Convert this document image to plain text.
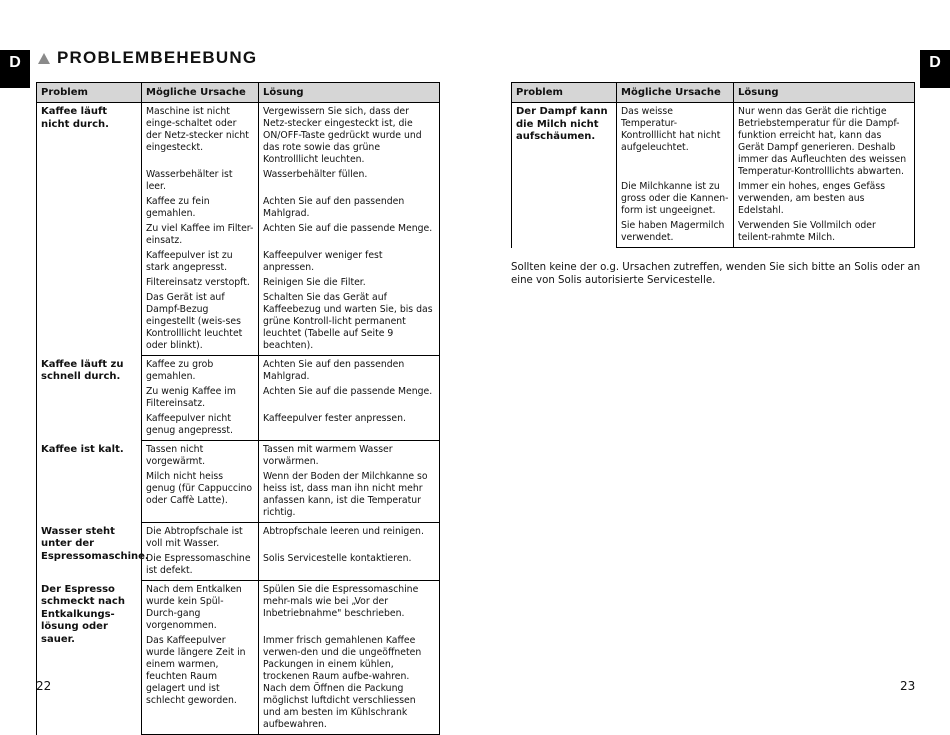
D	D
PROBLEMBEHEBUNG
Problem	Mögliche Ursache	Lösung
Kaffee läuft nicht durch.	Maschine ist nicht einge-schaltet oder der Netz-stecker nicht eingesteckt.	Vergewissern Sie sich, dass der Netz-stecker eingesteckt ist, die ON/OFF-Taste gedrückt wurde und das rote sowie das grüne Kontrolllicht leuchten.
	Wasserbehälter ist leer.	Wasserbehälter füllen.
	Kaffee zu fein gemahlen.	Achten Sie auf den passenden Mahlgrad.
	Zu viel Kaffee im Filter-einsatz.	Achten Sie auf die passende Menge.
	Kaffeepulver ist zu stark angepresst.	Kaffeepulver weniger fest anpressen.
	Filtereinsatz verstopft.	Reinigen Sie die Filter.
	Das Gerät ist auf Dampf-Bezug eingestellt (weis-ses Kontrolllicht leuchtet oder blinkt).	Schalten Sie das Gerät auf Kaffeebezug und warten Sie, bis das grüne Kontroll-licht permanent leuchtet (Tabelle auf Seite 9 beachten).
Kaffee läuft zu schnell durch.	Kaffee zu grob gemahlen.	Achten Sie auf den passenden Mahlgrad.
	Zu wenig Kaffee im Filtereinsatz.	Achten Sie auf die passende Menge.
	Kaffeepulver nicht genug angepresst.	Kaffeepulver fester anpressen.
Kaffee ist kalt.	Tassen nicht vorgewärmt.	Tassen mit warmem Wasser vorwärmen.
	Milch nicht heiss genug (für Cappuccino oder Caffè Latte).	Wenn der Boden der Milchkanne so heiss ist, dass man ihn nicht mehr anfassen kann, ist die Temperatur richtig.
Wasser steht unter der Espressomaschine.	Die Abtropfschale ist voll mit Wasser.	Abtropfschale leeren und reinigen.
	Die Espressomaschine ist defekt.	Solis Servicestelle kontaktieren.
Der Espresso schmeckt nach Entkalkungs-lösung oder sauer.	Nach dem Entkalken wurde kein Spül-Durch-gang vorgenommen.	Spülen Sie die Espressomaschine mehr-mals wie bei „Vor der Inbetriebnahme" beschrieben.
	Das Kaffeepulver wurde längere Zeit in einem warmen, feuchten Raum gelagert und ist schlecht geworden.	Immer frisch gemahlenen Kaffee verwen-den und die ungeöffneten Packungen in einem kühlen, trockenen Raum aufbe-wahren. Nach dem Öffnen die Packung möglichst luftdicht verschliessen und am besten im Kühlschrank aufbewahren.
Problem	Mögliche Ursache	Lösung
Der Dampf kann die Milch nicht aufschäumen.	Das weisse Temperatur-Kontrolllicht hat nicht aufgeleuchtet.	Nur wenn das Gerät die richtige Betriebstemperatur für die Dampf-funktion erreicht hat, kann das Gerät Dampf generieren. Deshalb immer das Aufleuchten des weissen Temperatur-Kontrolllichts abwarten.
	Die Milchkanne ist zu gross oder die Kannen-form ist ungeeignet.	Immer ein hohes, enges Gefäss verwenden, am besten aus Edelstahl.
	Sie haben Magermilch verwendet.	Verwenden Sie Vollmilch oder teilent-rahmte Milch.
Sollten keine der o.g. Ursachen zutreffen, wenden Sie sich bitte an Solis oder an eine von Solis autorisierte Servicestelle.
22	23
